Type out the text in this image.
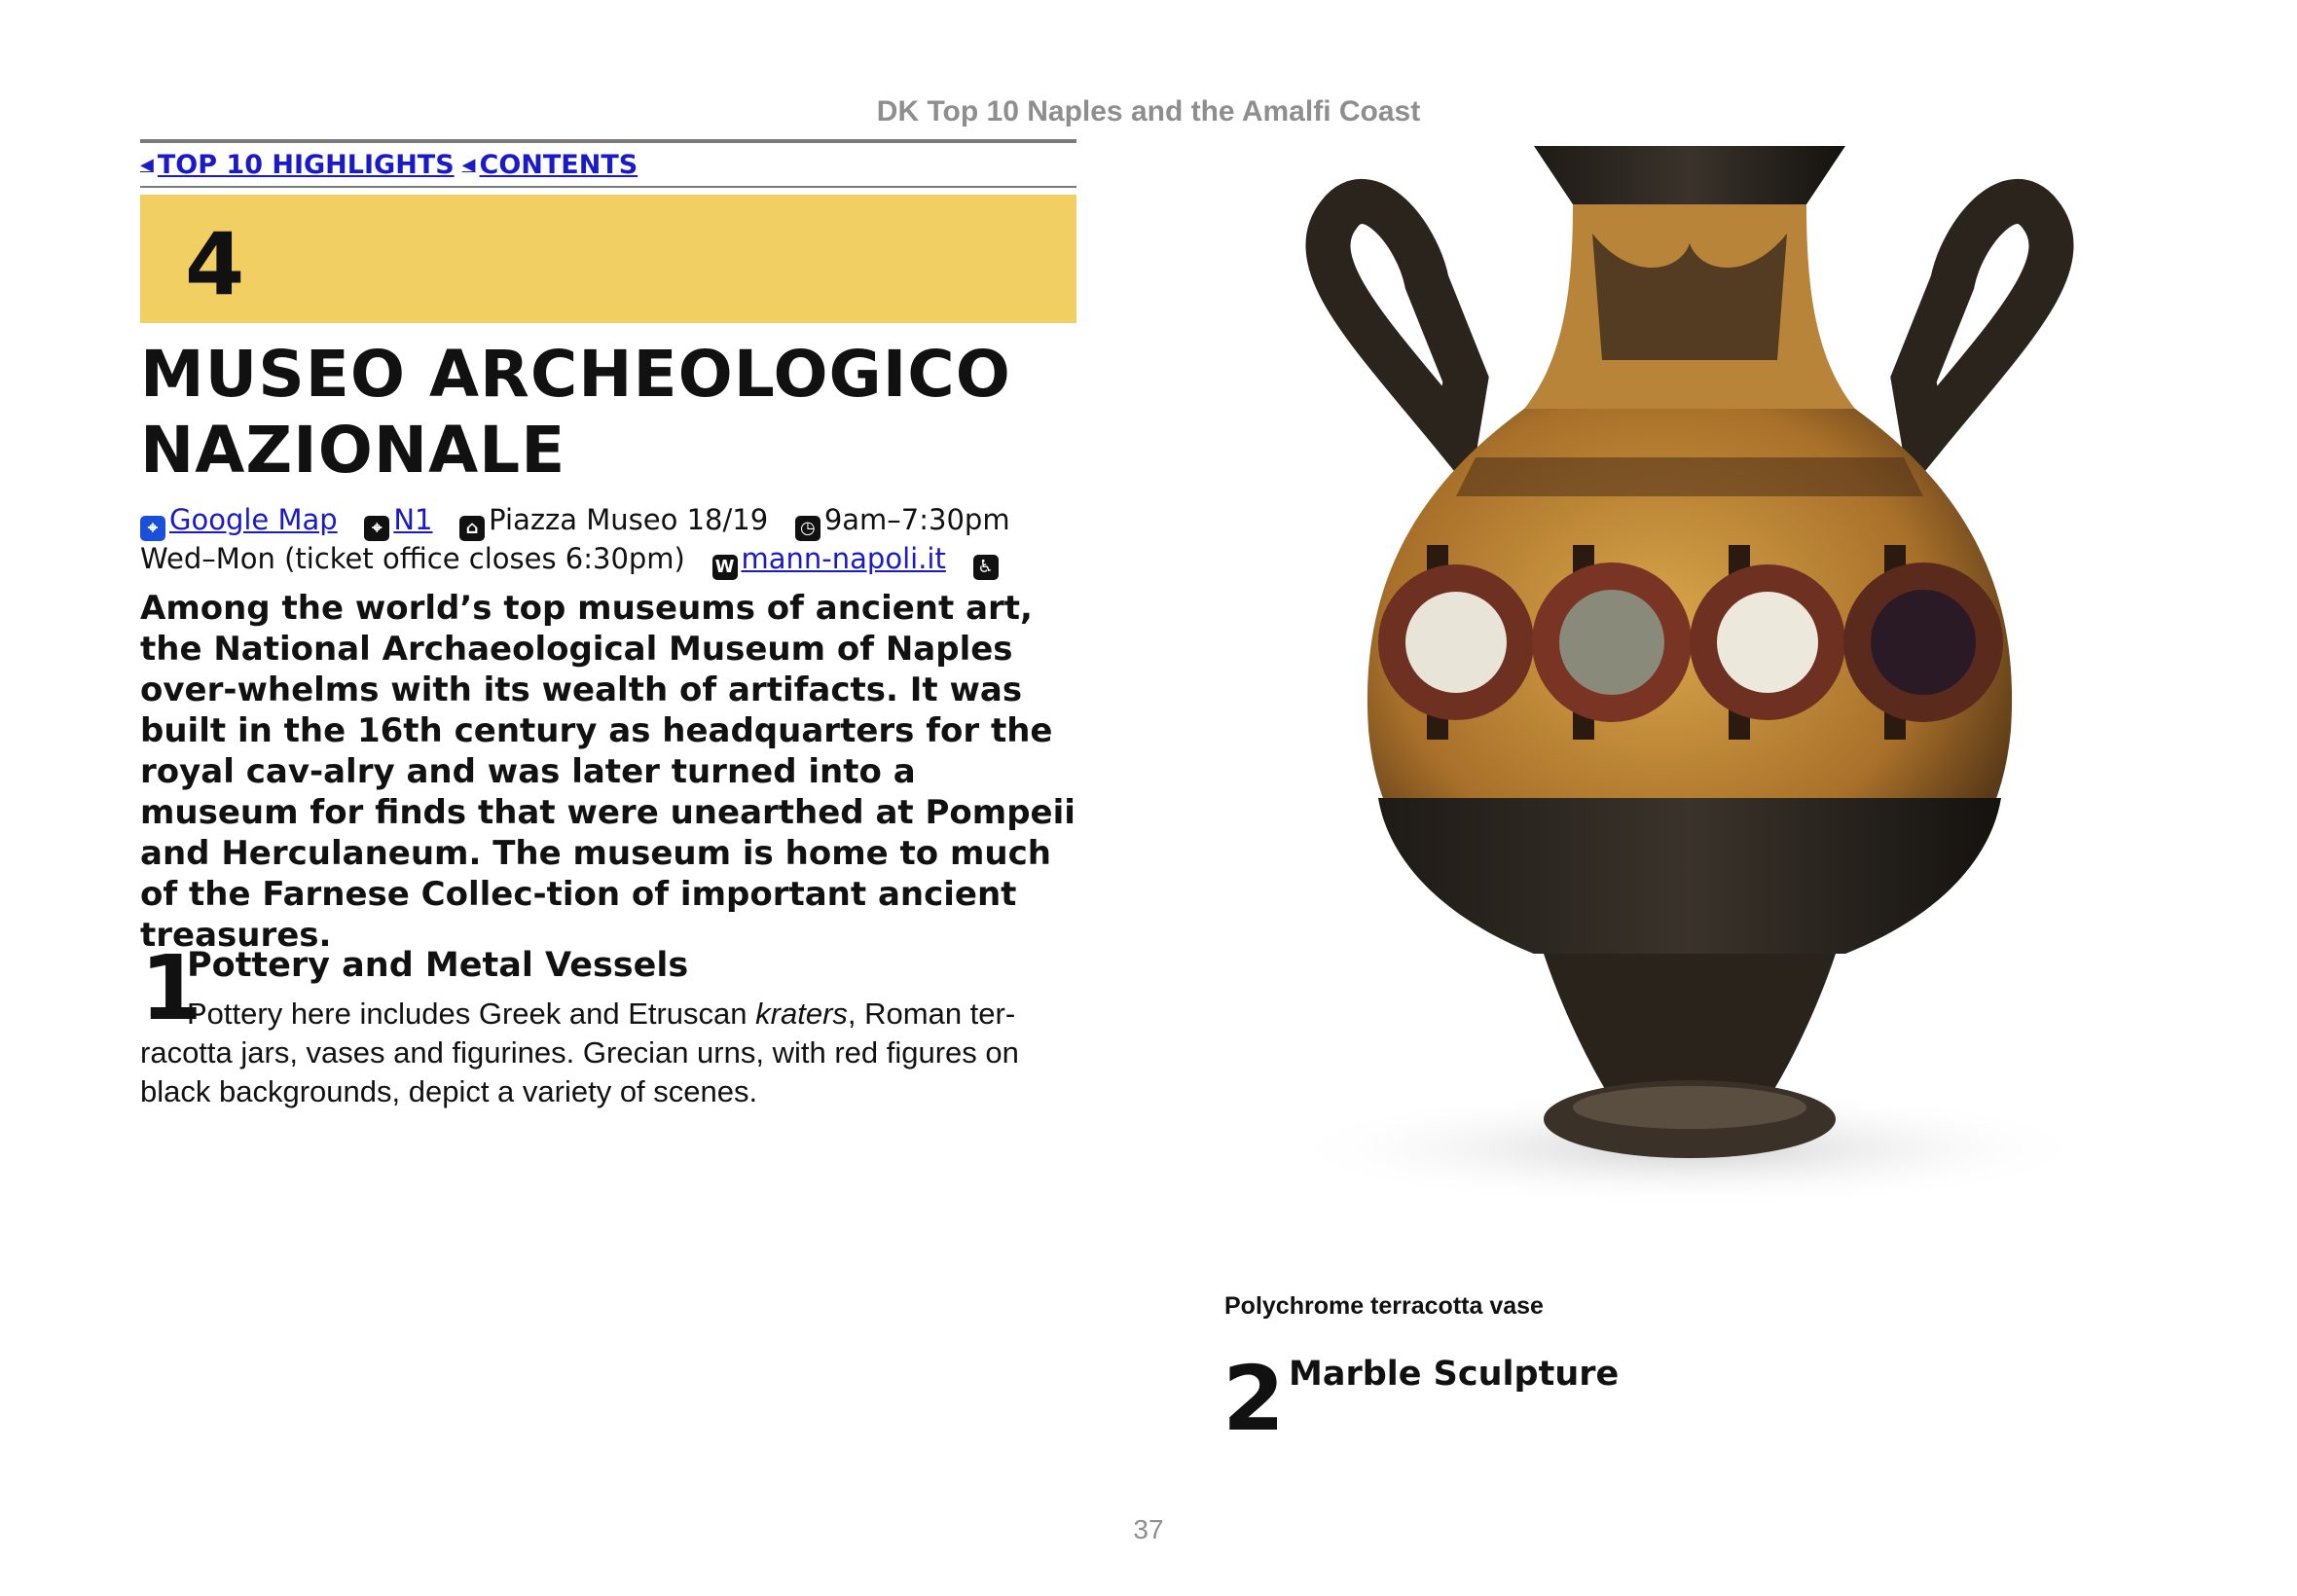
DK Top 10 Naples and the Amalfi Coast
◀ TOP 10 HIGHLIGHTS ◀ CONTENTS
4
MUSEO ARCHEOLOGICO
NAZIONALE
⌖ Google Map ⌖ N1 ⌂ Piazza Museo 18/19 ◷ 9am–7:30pm
Wed–Mon (ticket office closes 6:30pm) W mann-napoli.it ♿
Among the world’s top museums of ancient art, the National Archaeological Museum of Naples over-whelms with its wealth of artifacts. It was built in the 16th century as headquarters for the royal cav-alry and was later turned into a museum for finds that were unearthed at Pompeii and Herculaneum. The museum is home to much of the Farnese Collec-tion of important ancient treasures.
1
Pottery and Metal Vessels
Pottery here includes Greek and Etruscan kraters, Roman ter-racotta jars, vases and figurines. Grecian urns, with red figures on black backgrounds, depict a variety of scenes.
Polychrome terracotta vase
2 Marble Sculpture
37
